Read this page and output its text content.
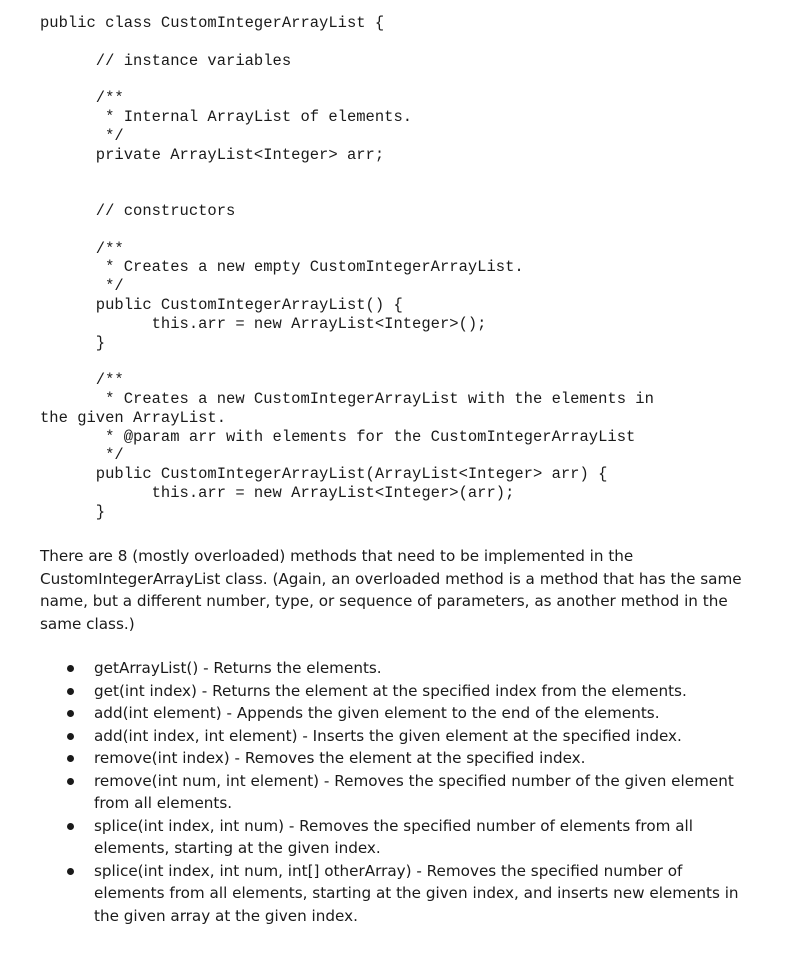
public class CustomIntegerArrayList {
// instance variables
/**
* Internal ArrayList of elements.
*/
private ArrayList<Integer> arr;
// constructors
/**
* Creates a new empty CustomIntegerArrayList.
*/
public CustomIntegerArrayList() {
this.arr = new ArrayList<Integer>();
}
/**
* Creates a new CustomIntegerArrayList with the elements in
the given ArrayList.
* @param arr with elements for the CustomIntegerArrayList
*/
public CustomIntegerArrayList(ArrayList<Integer> arr) {
this.arr = new ArrayList<Integer>(arr);
}

There are 8 (mostly overloaded) methods that need to be implemented in the CustomIntegerArrayList class. (Again, an overloaded method is a method that has the same name, but a different number, type, or sequence of parameters, as another method in the same class.)

getArrayList() - Returns the elements.
get(int index) - Returns the element at the specified index from the elements.
add(int element) - Appends the given element to the end of the elements.
add(int index, int element) - Inserts the given element at the specified index.
remove(int index) - Removes the element at the specified index.
remove(int num, int element) - Removes the specified number of the given element from all elements.
splice(int index, int num) - Removes the specified number of elements from all elements, starting at the given index.
splice(int index, int num, int[] otherArray) - Removes the specified number of elements from all elements, starting at the given index, and inserts new elements in the given array at the given index.
